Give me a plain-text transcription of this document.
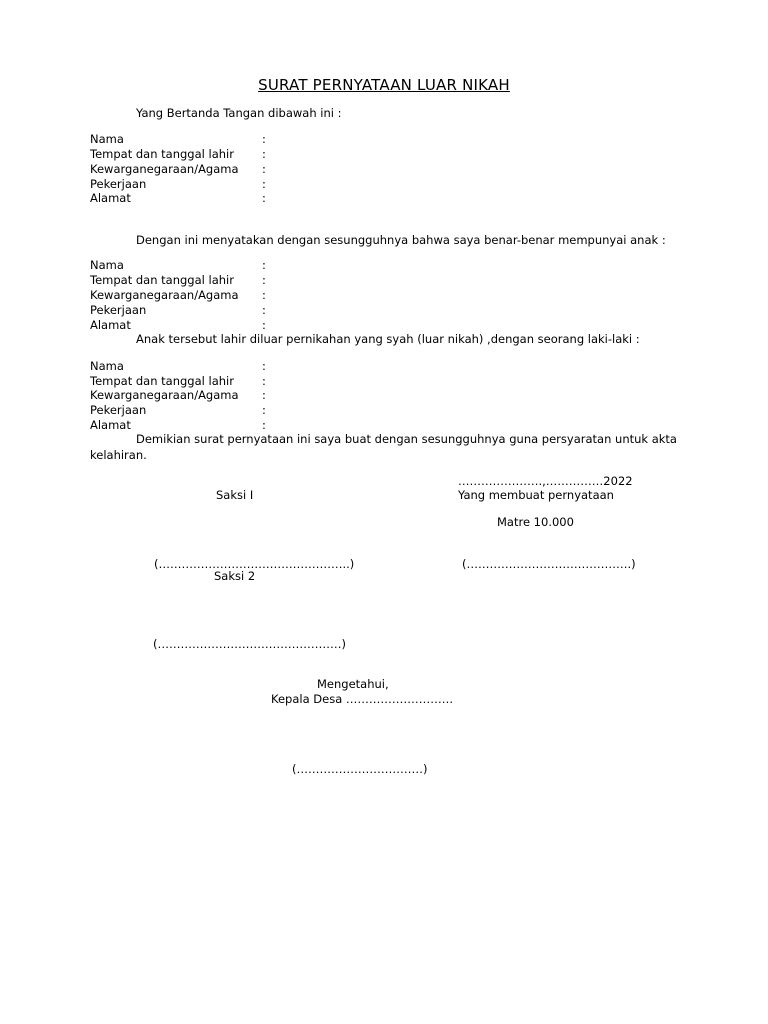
SURAT PERNYATAAN LUAR NIKAH
Yang Bertanda Tangan dibawah ini :
Nama	:
Tempat dan tanggal lahir :
Kewarganegaraan/Agama :
Pekerjaan	:
Alamat	:
Dengan ini menyatakan dengan sesungguhnya bahwa saya benar-benar mempunyai anak :
Nama	:
Tempat dan tanggal lahir :
Kewarganegaraan/Agama :
Pekerjaan	:
Alamat	:
Anak tersebut lahir diluar pernikahan yang syah (luar nikah) ,dengan seorang laki-laki :
Nama	:
Tempat dan tanggal lahir :
Kewarganegaraan/Agama :
Pekerjaan	:
Alamat	:
Demikian surat pernyataan ini saya buat dengan sesungguhnya guna persyaratan untuk akta
kelahiran.
………………….,……………2022
Saksi I	Yang membuat pernyataan
Matre 10.000
(…………………………………………..)	(…………………………………….)
Saksi 2
(…………………………………………)
Mengetahui,
Kepala Desa ……………………….
(……………………………)
